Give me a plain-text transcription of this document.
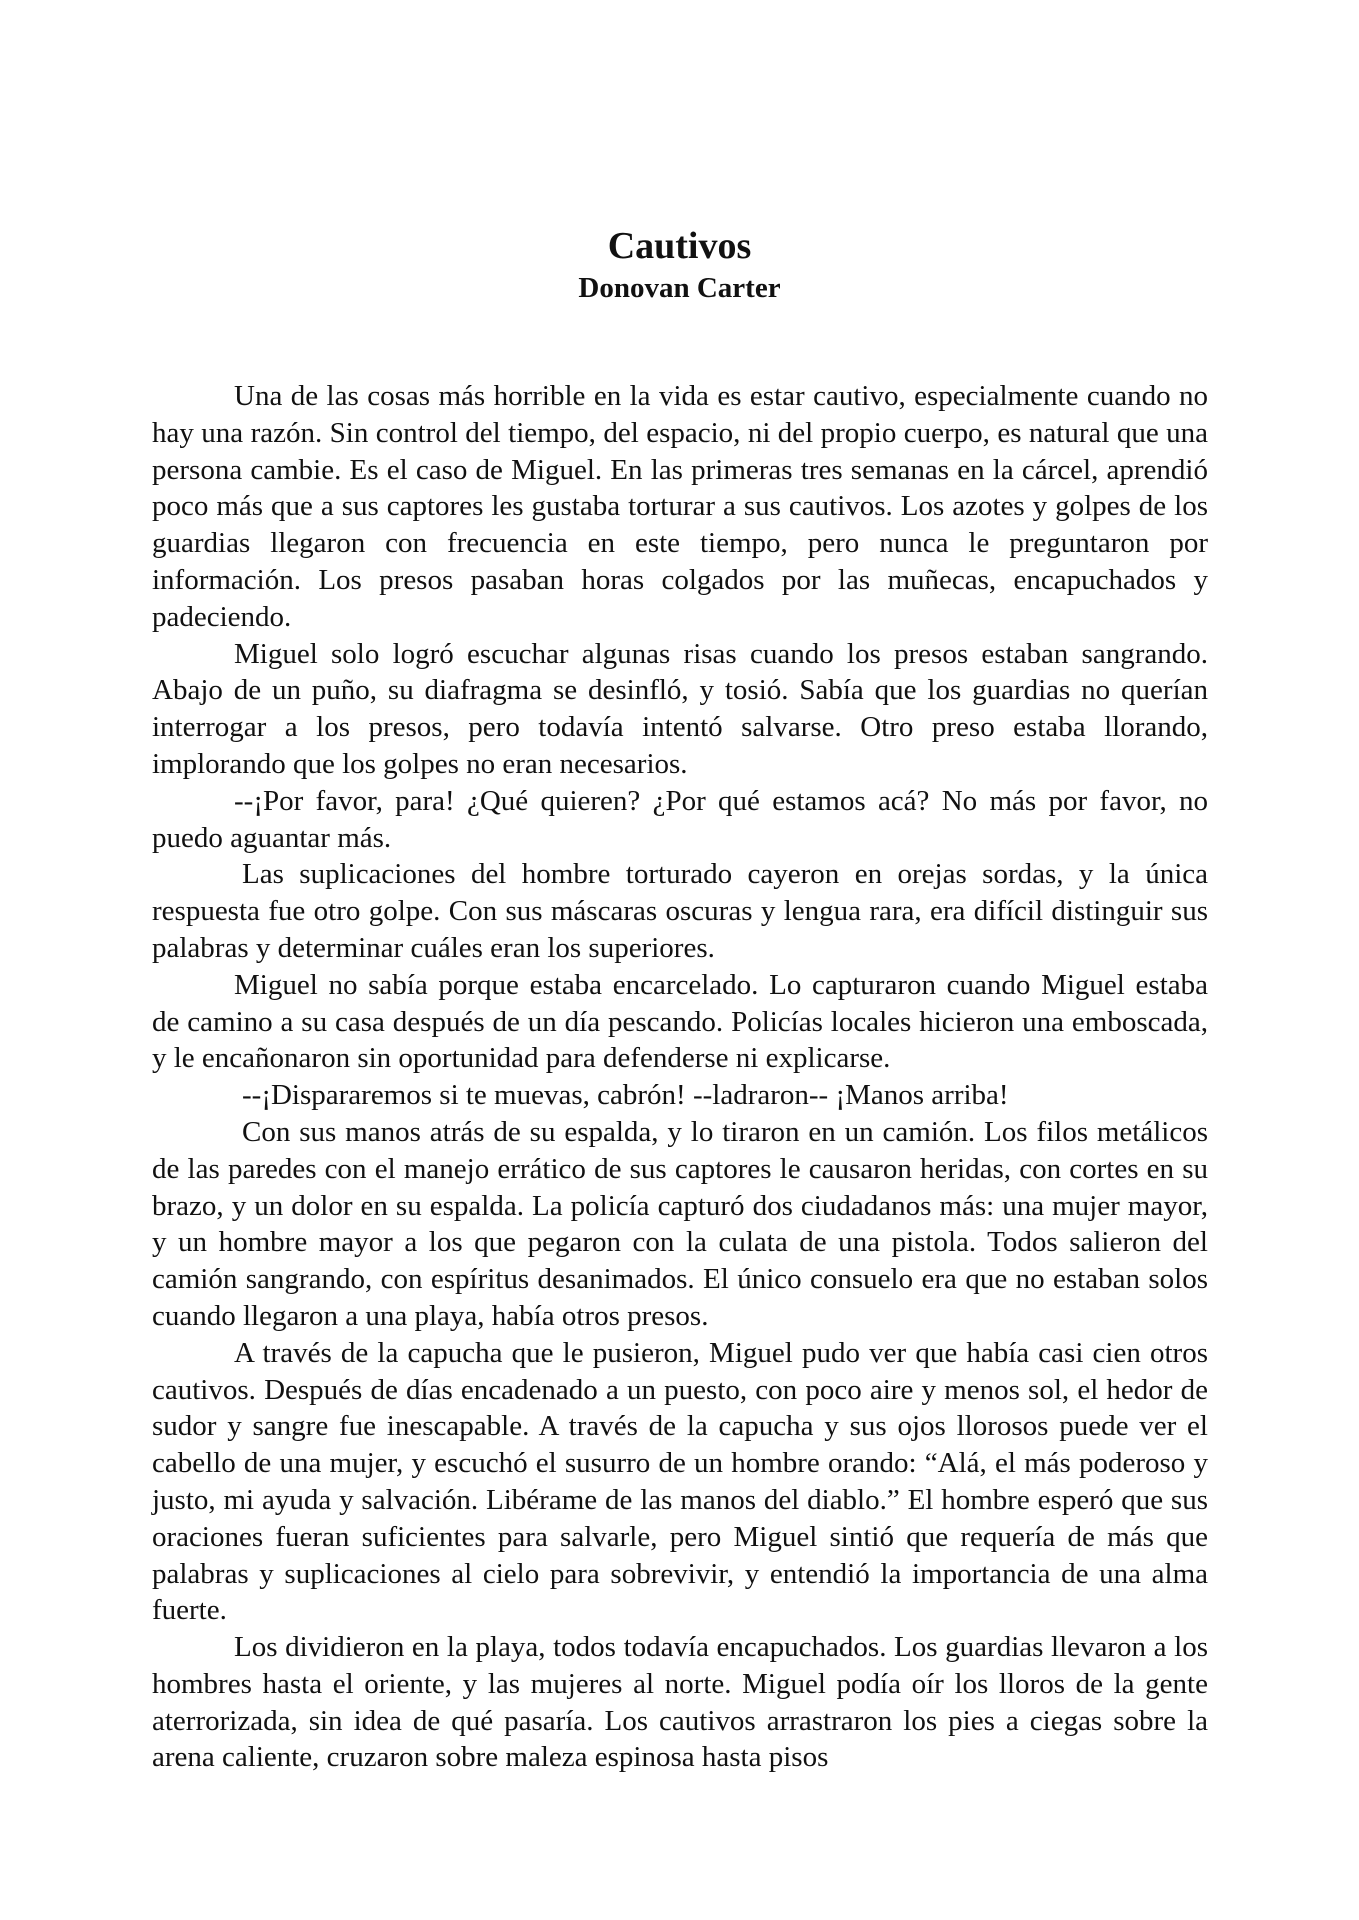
Cautivos
Donovan Carter

Una de las cosas más horrible en la vida es estar cautivo, especialmente cuando no hay una razón. Sin control del tiempo, del espacio, ni del propio cuerpo, es natural que una persona cambie. Es el caso de Miguel. En las primeras tres semanas en la cárcel, aprendió poco más que a sus captores les gustaba torturar a sus cautivos. Los azotes y golpes de los guardias llegaron con frecuencia en este tiempo, pero nunca le preguntaron por información. Los presos pasaban horas colgados por las muñecas, encapuchados y padeciendo.

Miguel solo logró escuchar algunas risas cuando los presos estaban sangrando. Abajo de un puño, su diafragma se desinfló, y tosió. Sabía que los guardias no querían interrogar a los presos, pero todavía intentó salvarse. Otro preso estaba llorando, implorando que los golpes no eran necesarios.

--¡Por favor, para! ¿Qué quieren? ¿Por qué estamos acá? No más por favor, no puedo aguantar más.

Las suplicaciones del hombre torturado cayeron en orejas sordas, y la única respuesta fue otro golpe. Con sus máscaras oscuras y lengua rara, era difícil distinguir sus palabras y determinar cuáles eran los superiores.

Miguel no sabía porque estaba encarcelado. Lo capturaron cuando Miguel estaba de camino a su casa después de un día pescando. Policías locales hicieron una emboscada, y le encañonaron sin oportunidad para defenderse ni explicarse.

--¡Dispararemos si te muevas, cabrón! --ladraron-- ¡Manos arriba!

Con sus manos atrás de su espalda, y lo tiraron en un camión. Los filos metálicos de las paredes con el manejo errático de sus captores le causaron heridas, con cortes en su brazo, y un dolor en su espalda. La policía capturó dos ciudadanos más: una mujer mayor, y un hombre mayor a los que pegaron con la culata de una pistola. Todos salieron del camión sangrando, con espíritus desanimados. El único consuelo era que no estaban solos cuando llegaron a una playa, había otros presos.

A través de la capucha que le pusieron, Miguel pudo ver que había casi cien otros cautivos. Después de días encadenado a un puesto, con poco aire y menos sol, el hedor de sudor y sangre fue inescapable. A través de la capucha y sus ojos llorosos puede ver el cabello de una mujer, y escuchó el susurro de un hombre orando: “Alá, el más poderoso y justo, mi ayuda y salvación. Libérame de las manos del diablo.” El hombre esperó que sus oraciones fueran suficientes para salvarle, pero Miguel sintió que requería de más que palabras y suplicaciones al cielo para sobrevivir, y entendió la importancia de una alma fuerte.

Los dividieron en la playa, todos todavía encapuchados. Los guardias llevaron a los hombres hasta el oriente, y las mujeres al norte. Miguel podía oír los lloros de la gente aterrorizada, sin idea de qué pasaría. Los cautivos arrastraron los pies a ciegas sobre la arena caliente, cruzaron sobre maleza espinosa hasta pisos
